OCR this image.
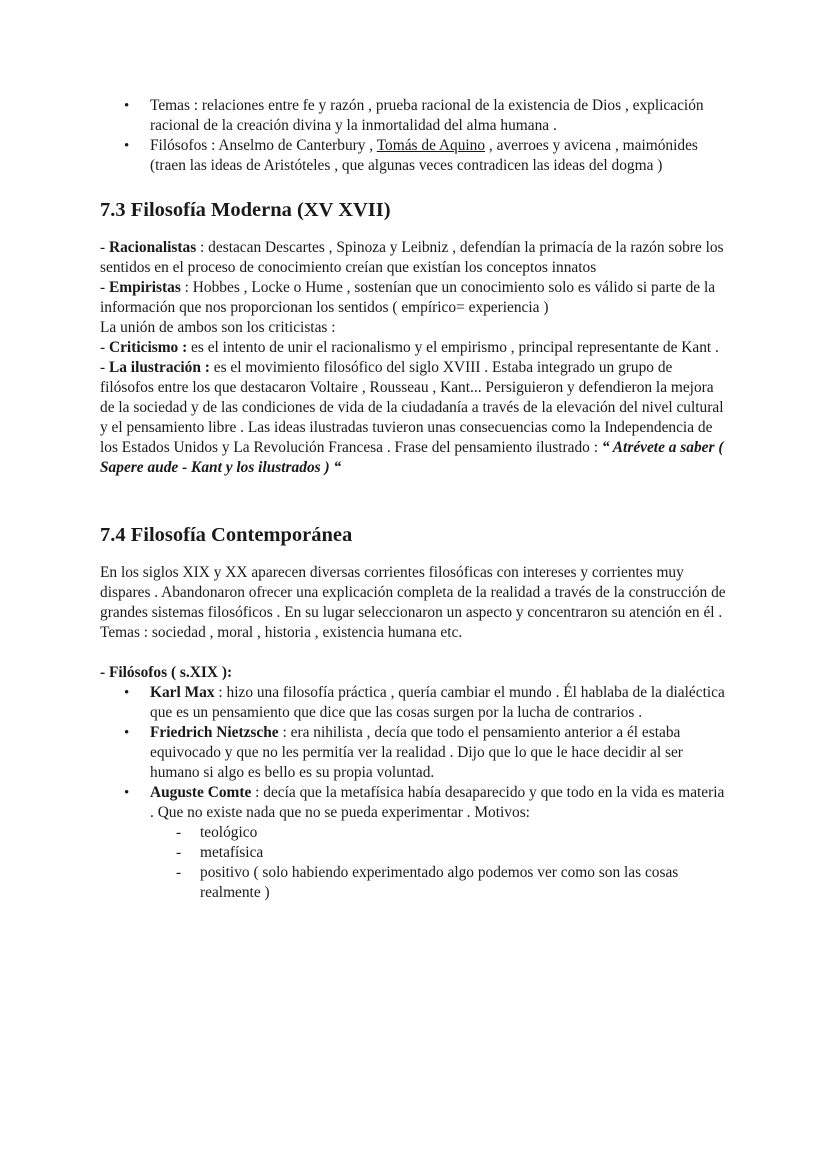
• Temas : relaciones entre fe y razón , prueba racional de la existencia de Dios , explicación racional de la creación divina y la inmortalidad del alma humana .
• Filósofos : Anselmo de Canterbury , Tomás de Aquino , averroes y avicena , maimónides (traen las ideas de Aristóteles , que algunas veces contradicen las ideas del dogma )
7.3 Filosofía Moderna (XV XVII)

- Racionalistas : destacan Descartes , Spinoza y Leibniz , defendían la primacía de la razón sobre los sentidos en el proceso de conocimiento creían que existían los conceptos innatos

- Empiristas : Hobbes , Locke o Hume , sostenían que un conocimiento solo es válido si parte de la información que nos proporcionan los sentidos ( empírico= experiencia )

La unión de ambos son los criticistas :

- Criticismo : es el intento de unir el racionalismo y el empirismo , principal representante de Kant .

- La ilustración : es el movimiento filosófico del siglo XVIII . Estaba integrado un grupo de filósofos entre los que destacaron Voltaire , Rousseau , Kant... Persiguieron y defendieron la mejora de la sociedad y de las condiciones de vida de la ciudadanía a través de la elevación del nivel cultural y el pensamiento libre . Las ideas ilustradas tuvieron unas consecuencias como la Independencia de los Estados Unidos y La Revolución Francesa . Frase del pensamiento ilustrado : “ Atrévete a saber ( Sapere aude - Kant y los ilustrados ) “

7.4 Filosofía Contemporánea

En los siglos XIX y XX aparecen diversas corrientes filosóficas con intereses y corrientes muy dispares . Abandonaron ofrecer una explicación completa de la realidad a través de la construcción de grandes sistemas filosóficos . En su lugar seleccionaron un aspecto y concentraron su atención en él . Temas : sociedad , moral , historia , existencia humana etc.

- Filósofos ( s.XIX ):

• Karl Max : hizo una filosofía práctica , quería cambiar el mundo . Él hablaba de la dialéctica que es un pensamiento que dice que las cosas surgen por la lucha de contrarios .
• Friedrich Nietzsche : era nihilista , decía que todo el pensamiento anterior a él estaba equivocado y que no les permitía ver la realidad . Dijo que lo que le hace decidir al ser humano si algo es bello es su propia voluntad.
• Auguste Comte : decía que la metafísica había desaparecido y que todo en la vida es materia . Que no existe nada que no se pueda experimentar . Motivos:
- teológico
- metafísica
- positivo ( solo habiendo experimentado algo podemos ver como son las cosas realmente )
